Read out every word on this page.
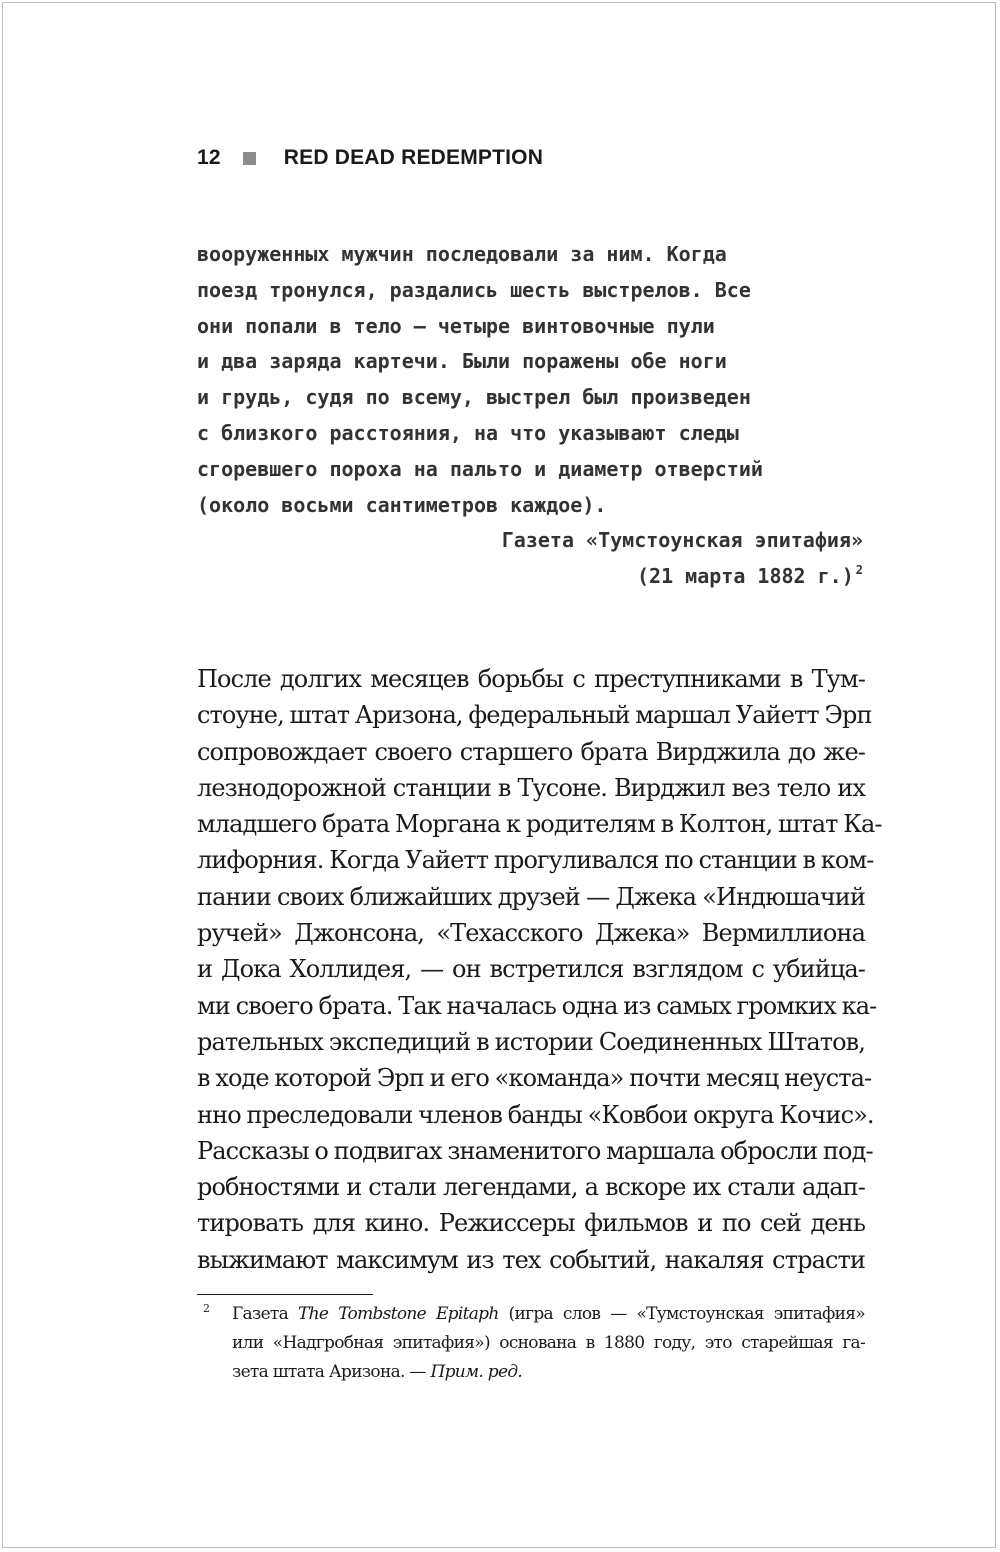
12	RED DEAD REDEMPTION
вооруженных мужчин последовали за ним. Когда
поезд тронулся, раздались шесть выстрелов. Все
они попали в тело — четыре винтовочные пули
и два заряда картечи. Были поражены обе ноги
и грудь, судя по всему, выстрел был произведен
с близкого расстояния, на что указывают следы
сгоревшего пороха на пальто и диаметр отверстий
(около восьми сантиметров каждое).
Газета «Тумстоунская эпитафия»
(21 марта 1882 г.) $^2$
После долгих месяцев борьбы с преступниками в Тум-
стоуне, штат Аризона, федеральный маршал Уайетт Эрп
сопровождает своего старшего брата Вирджила до же-
лезнодорожной станции в Тусоне. Вирджил вез тело их
младшего брата Моргана к родителям в Колтон, штат Ка-
лифорния. Когда Уайетт прогуливался по станции в ком-
пании своих ближайших друзей — Джека «Индюшачий
ручей» Джонсона, «Техасского Джека» Вермиллиона
и Дока Холлидея, — он встретился взглядом с убийца-
ми своего брата. Так началась одна из самых громких ка-
рательных экспедиций в истории Соединенных Штатов,
в ходе которой Эрп и его «команда» почти месяц неуста-
нно преследовали членов банды «Ковбои округа Кочис».
Рассказы о подвигах знаменитого маршала обросли под-
робностями и стали легендами, а вскоре их стали адап-
тировать для кино. Режиссеры фильмов и по сей день
выжимают максимум из тех событий, накаляя страсти
2 Газета The Tombstone Epitaph (игра слов — «Тумстоунская эпитафия»
или «Надгробная эпитафия») основана в 1880 году, это старейшая га-
зета штата Аризона. — Прим. ред.
